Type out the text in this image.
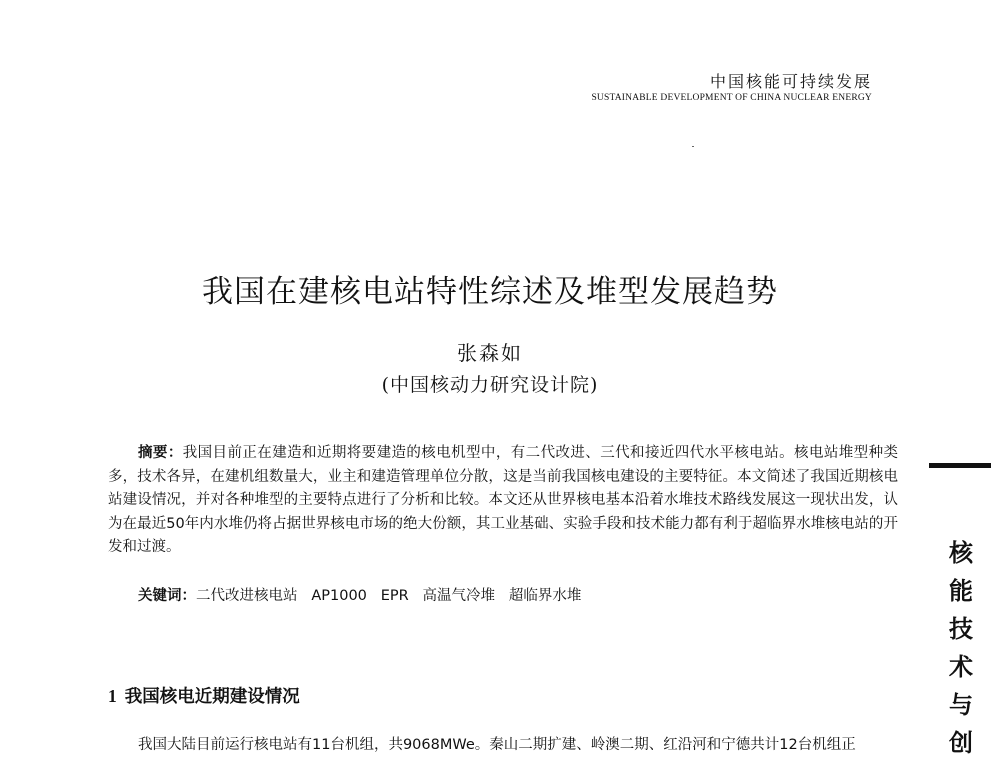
中国核能可持续发展
SUSTAINABLE DEVELOPMENT OF CHINA NUCLEAR ENERGY
我国在建核电站特性综述及堆型发展趋势
张森如
(中国核动力研究设计院)

摘要：我国目前正在建造和近期将要建造的核电机型中，有二代改进、三代和接近四代水平核电站。核电站堆型种类多，技术各异，在建机组数量大，业主和建造管理单位分散，这是当前我国核电建设的主要特征。本文简述了我国近期核电站建设情况，并对各种堆型的主要特点进行了分析和比较。本文还从世界核电基本沿着水堆技术路线发展这一现状出发，认为在最近50年内水堆仍将占据世界核电市场的绝大份额，其工业基础、实验手段和技术能力都有利于超临界水堆核电站的开发和过渡。

关键词：二代改进核电站 AP1000 EPR 高温气冷堆 超临界水堆
1 我国核电近期建设情况

我国大陆目前运行核电站有11台机组，共9068MWe。秦山二期扩建、岭澳二期、红沿河和宁德共计12台机组正

核
能
技
术
与
创
